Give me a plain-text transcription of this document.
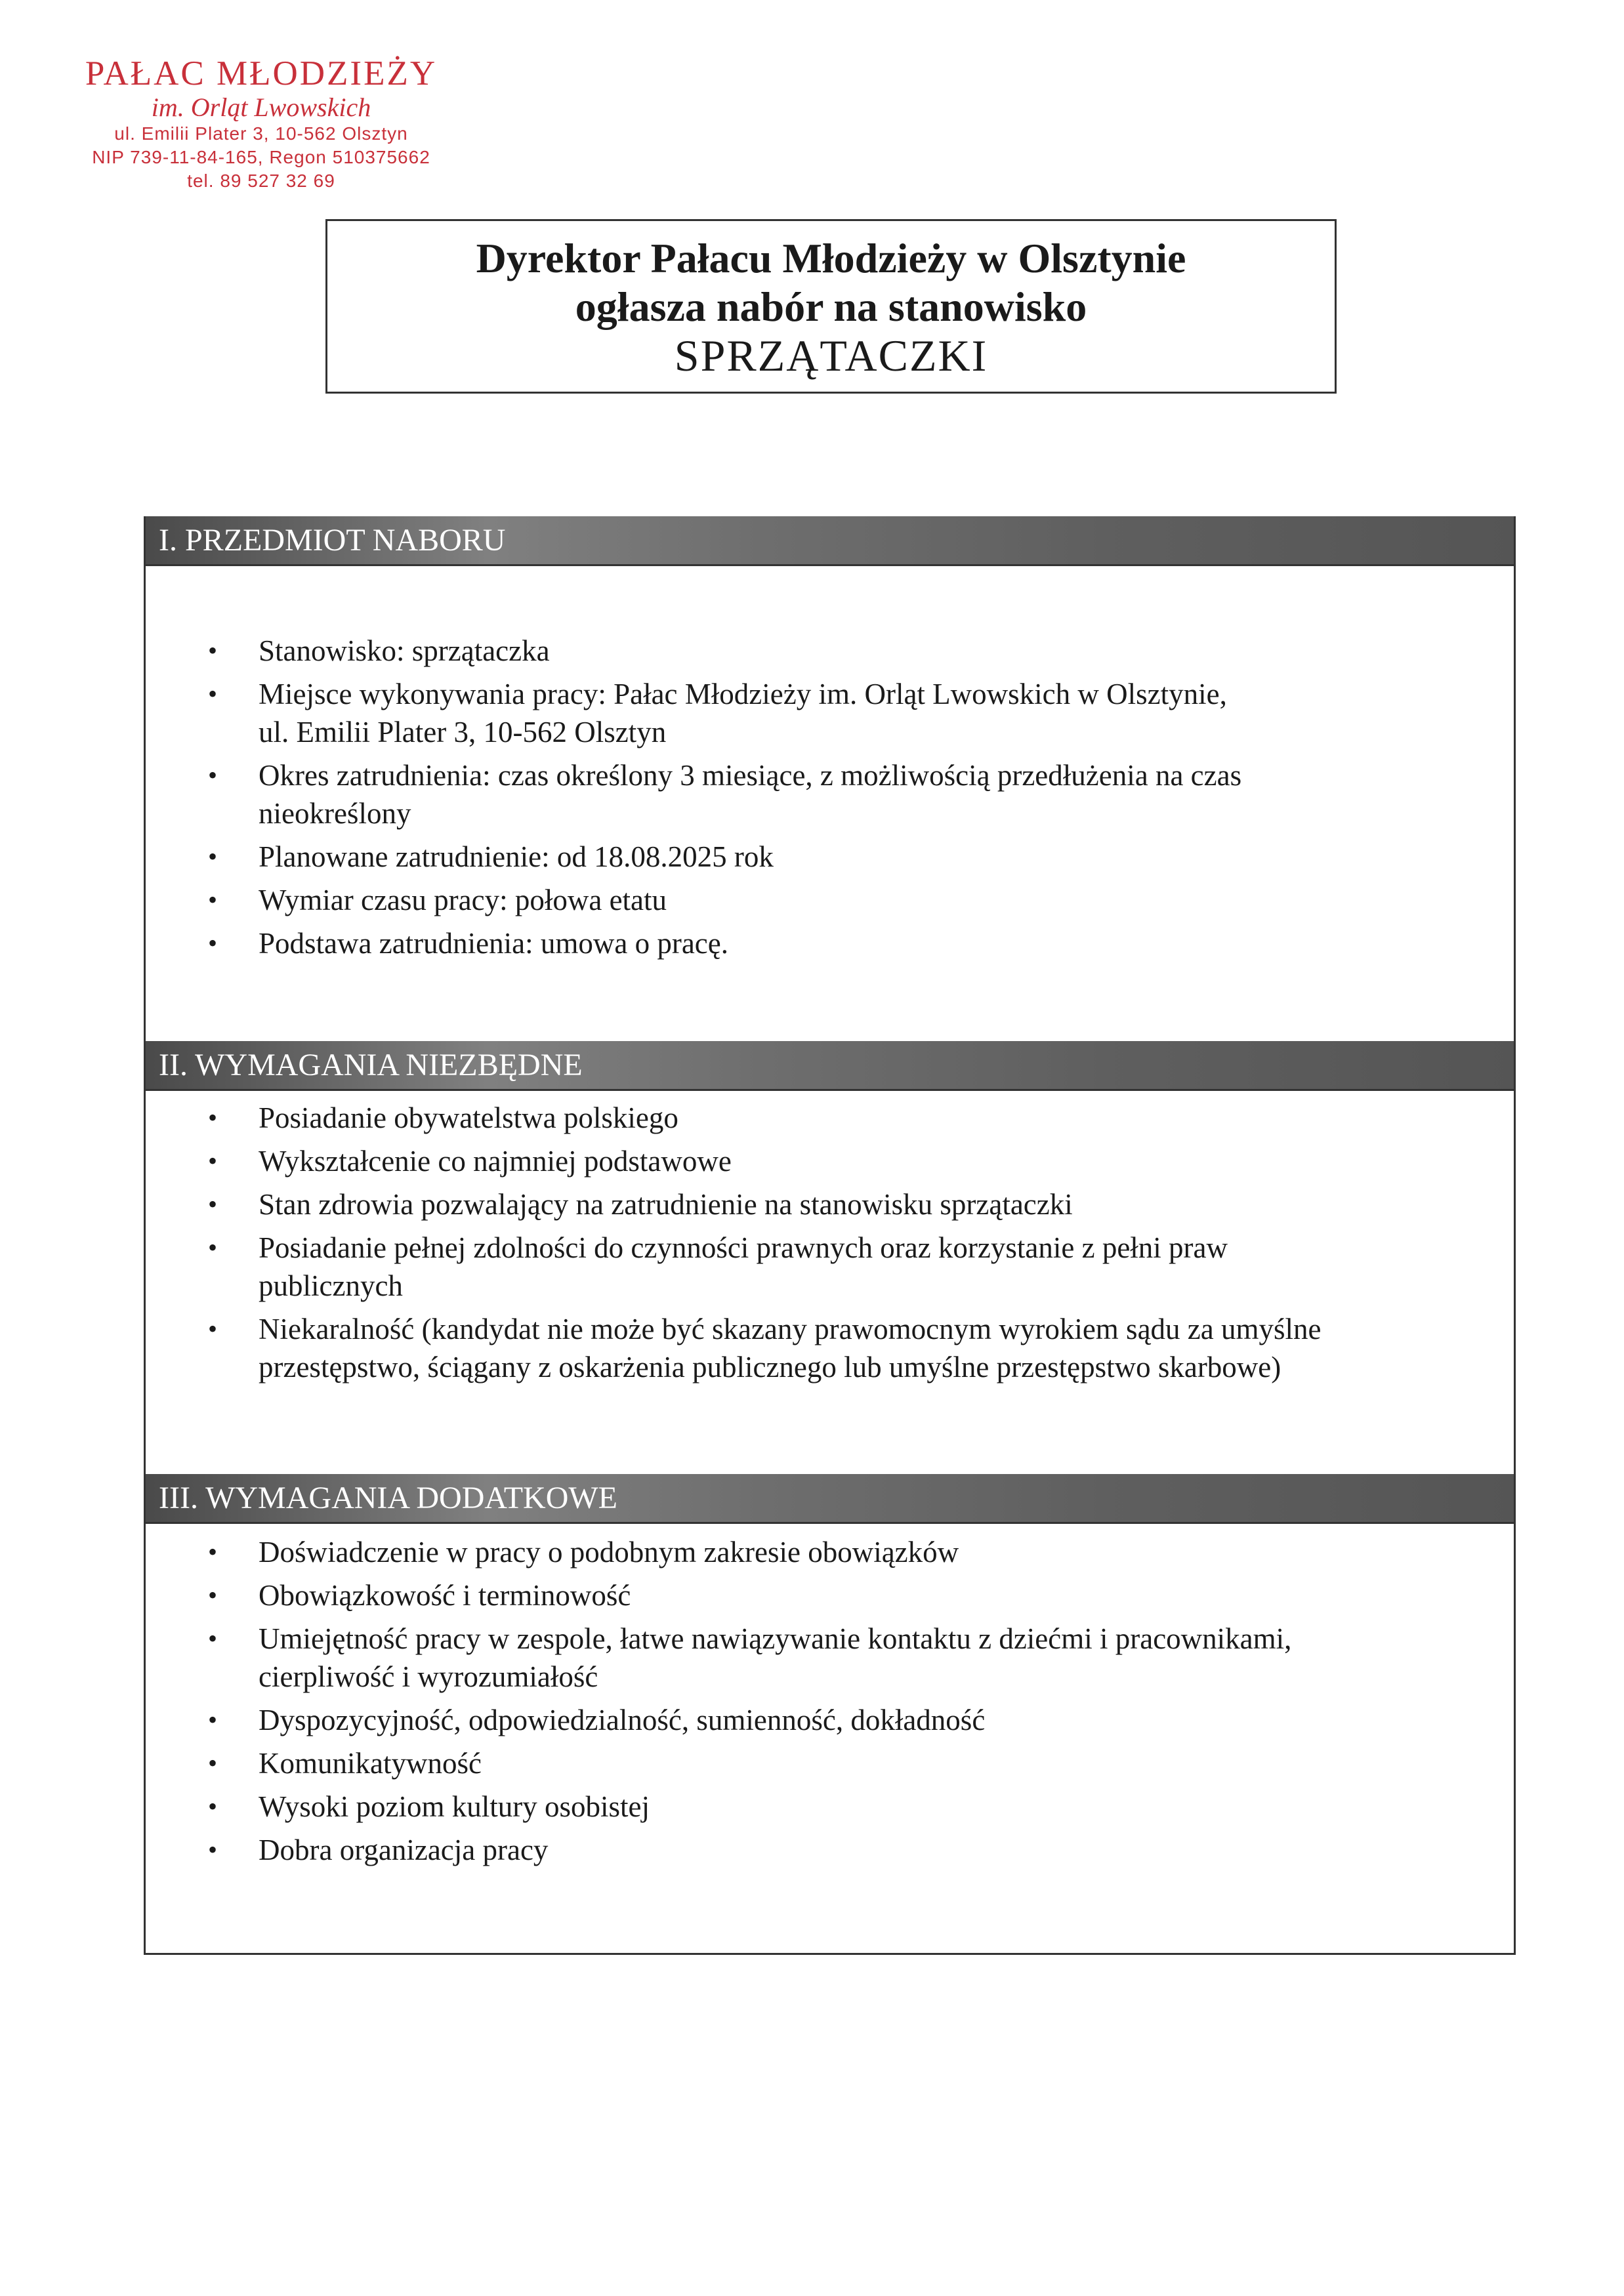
PAŁAC MŁODZIEŻY
im. Orląt Lwowskich
ul. Emilii Plater 3, 10-562 Olsztyn
NIP 739-11-84-165, Regon 510375662
tel. 89 527 32 69
Dyrektor Pałacu Młodzieży w Olsztynie
ogłasza nabór na stanowisko
SPRZĄTACZKI
I. PRZEDMIOT NABORU
• Stanowisko: sprzątaczka
• Miejsce wykonywania pracy: Pałac Młodzieży im. Orląt Lwowskich w Olsztynie,
ul. Emilii Plater 3, 10-562 Olsztyn
• Okres zatrudnienia: czas określony 3 miesiące, z możliwością przedłużenia na czas
nieokreślony
• Planowane zatrudnienie: od 18.08.2025 rok
• Wymiar czasu pracy: połowa etatu
• Podstawa zatrudnienia: umowa o pracę.
II. WYMAGANIA NIEZBĘDNE
• Posiadanie obywatelstwa polskiego
• Wykształcenie co najmniej podstawowe
• Stan zdrowia pozwalający na zatrudnienie na stanowisku sprzątaczki
• Posiadanie pełnej zdolności do czynności prawnych oraz korzystanie z pełni praw
publicznych
• Niekaralność (kandydat nie może być skazany prawomocnym wyrokiem sądu za umyślne
przestępstwo, ściągany z oskarżenia publicznego lub umyślne przestępstwo skarbowe)
III. WYMAGANIA DODATKOWE
• Doświadczenie w pracy o podobnym zakresie obowiązków
• Obowiązkowość i terminowość
• Umiejętność pracy w zespole, łatwe nawiązywanie kontaktu z dziećmi i pracownikami,
cierpliwość i wyrozumiałość
• Dyspozycyjność, odpowiedzialność, sumienność, dokładność
• Komunikatywność
• Wysoki poziom kultury osobistej
• Dobra organizacja pracy
